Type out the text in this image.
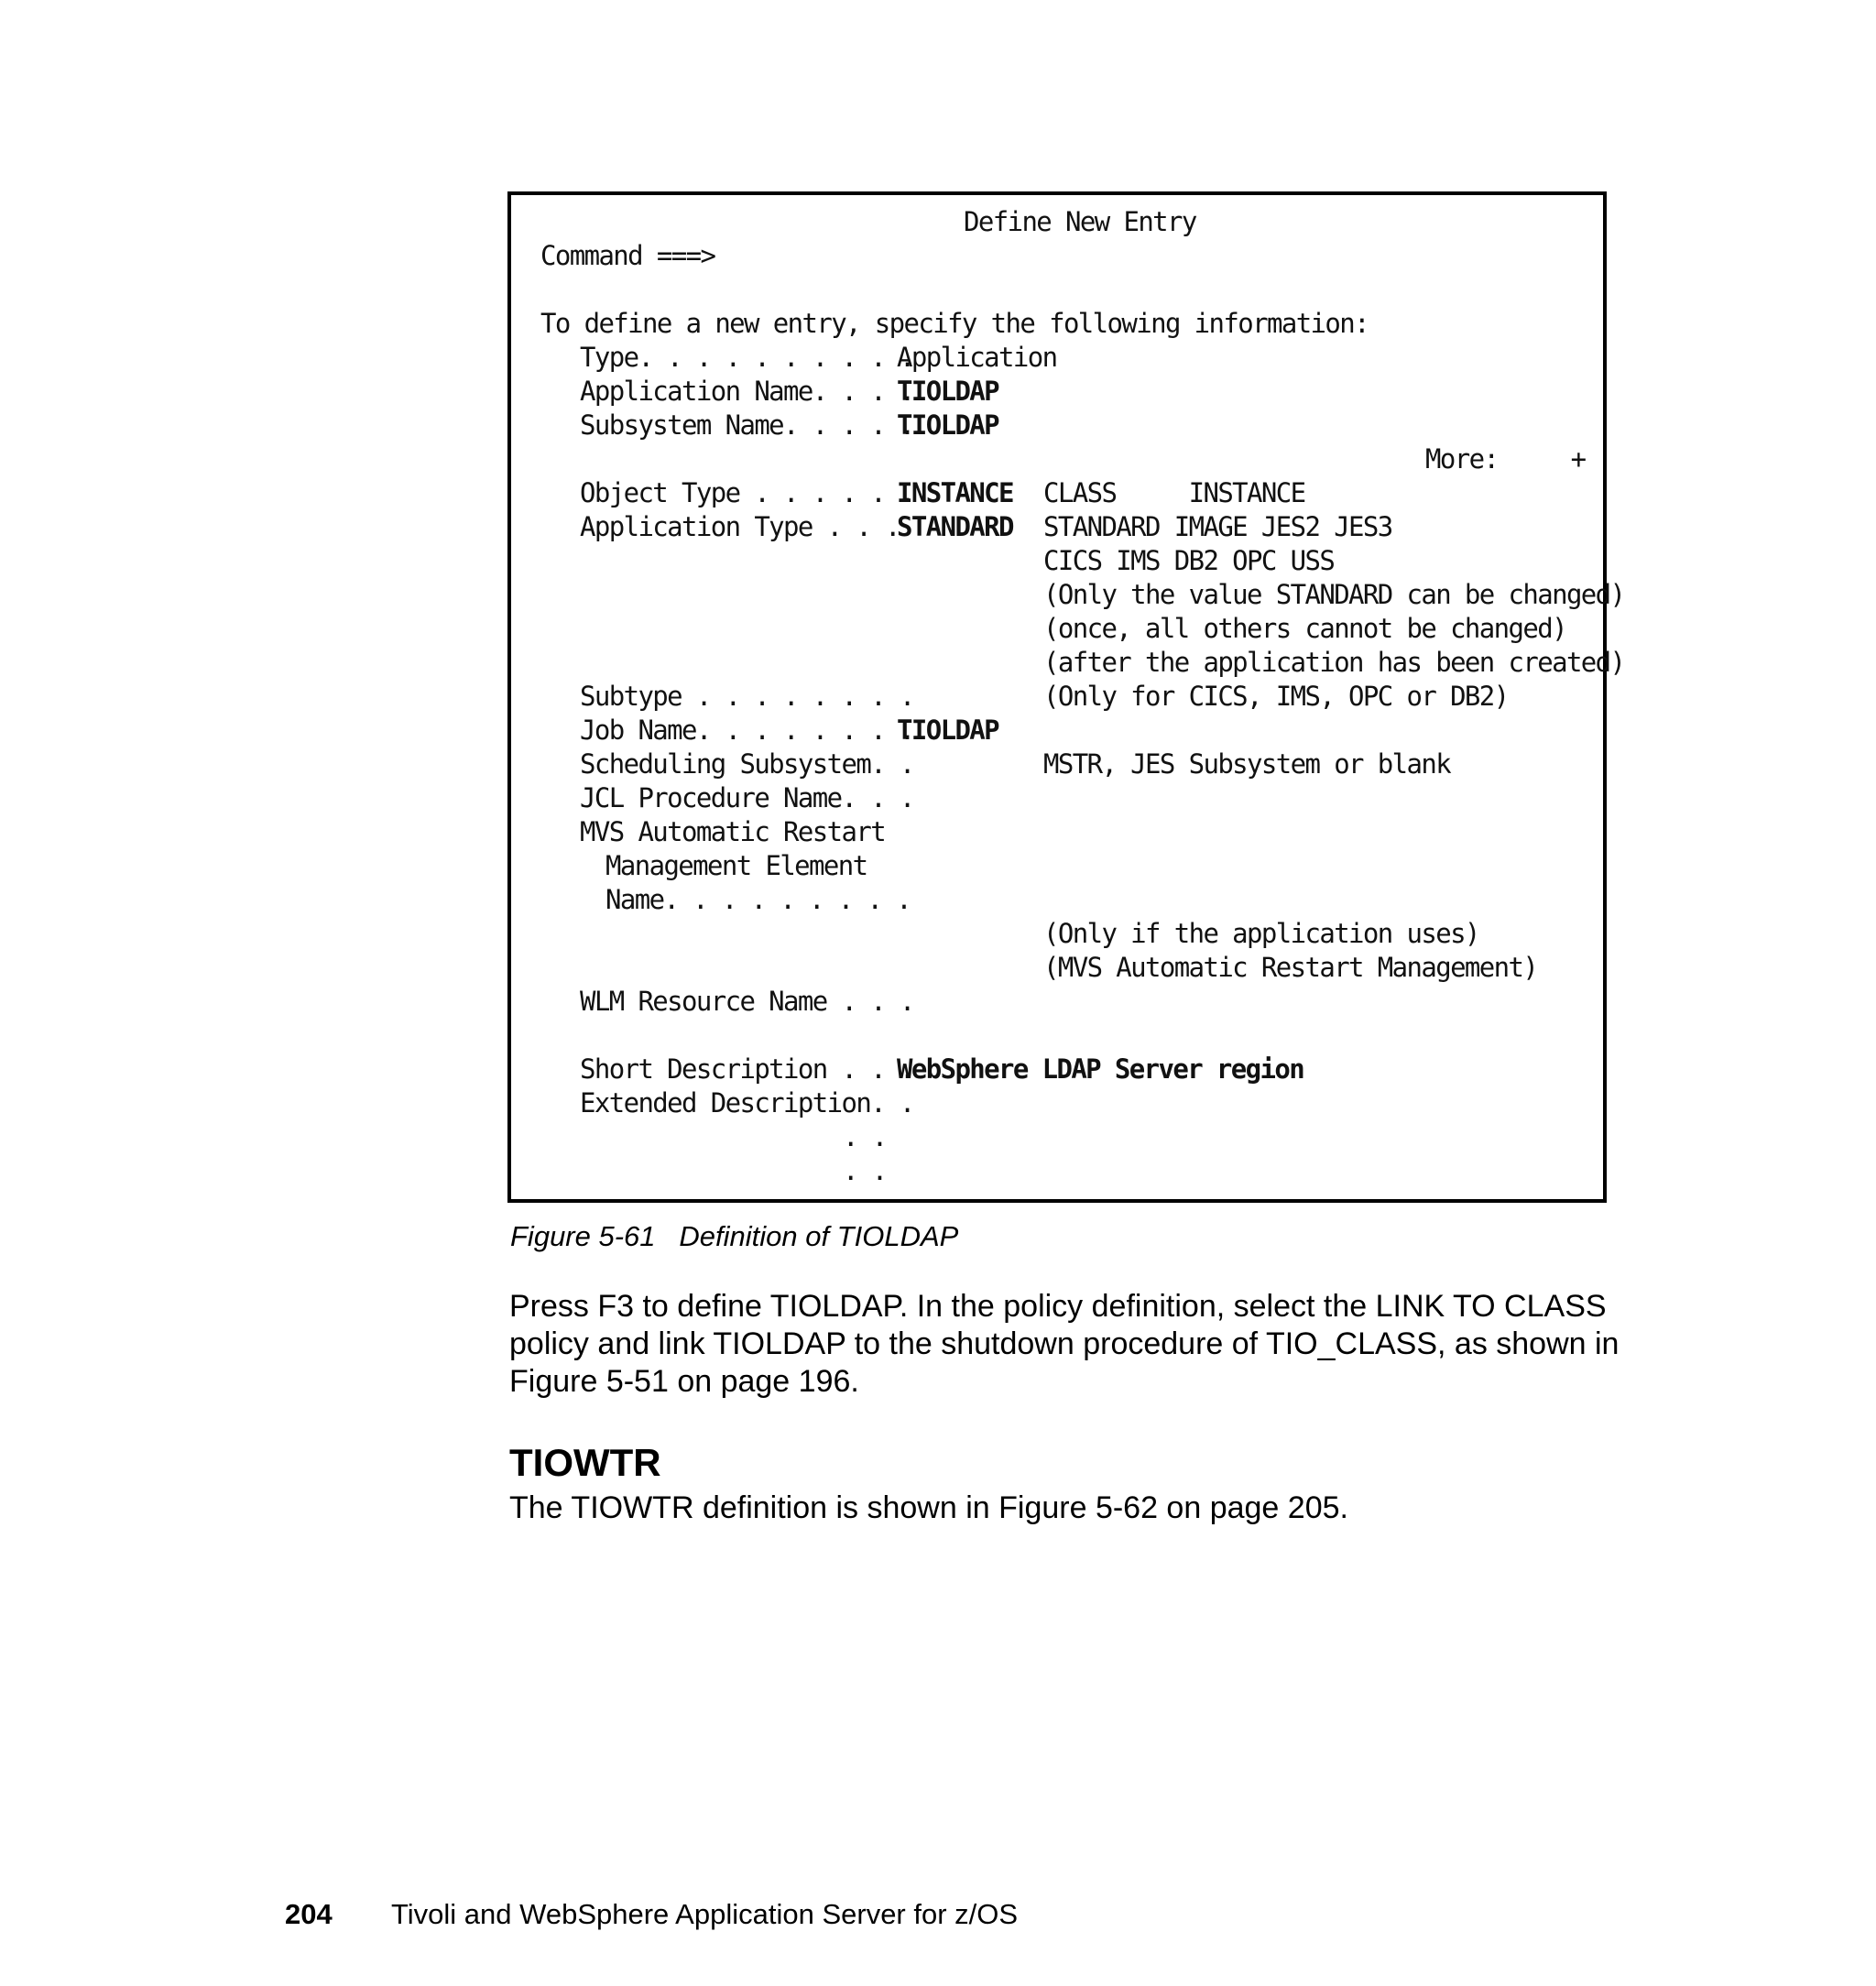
Define New Entry
Command ===>
To define a new entry, specify the following information:
Type. . . . . . . . . .
Application
Application Name. . . .
TIOLDAP
Subsystem Name. . . . .
TIOLDAP
More:     +
Object Type . . . . . .
INSTANCE CLASS     INSTANCE
Application Type . . .
STANDARD STANDARD IMAGE JES2 JES3
CICS IMS DB2 OPC USS
(Only the value STANDARD can be changed)
(once, all others cannot be changed)
(after the application has been created)
Subtype . . . . . . . .	(Only for CICS, IMS, OPC or DB2)
Job Name. . . . . . . .
TIOLDAP
Scheduling Subsystem. .	MSTR, JES Subsystem or blank
JCL Procedure Name. . .
MVS Automatic Restart
Management Element
Name. . . . . . . . .
(Only if the application uses)
(MVS Automatic Restart Management)
WLM Resource Name . . .
Short Description . . .
WebSphere LDAP Server region
Extended Description. .
. .
. .
Figure 5-61   Definition of TIOLDAP
Press F3 to define TIOLDAP. In the policy definition, select the LINK TO CLASS policy and link TIOLDAP to the shutdown procedure of TIO_CLASS, as shown in Figure 5-51 on page 196.
TIOWTR
The TIOWTR definition is shown in Figure 5-62 on page 205.
204 Tivoli and WebSphere Application Server for z/OS
